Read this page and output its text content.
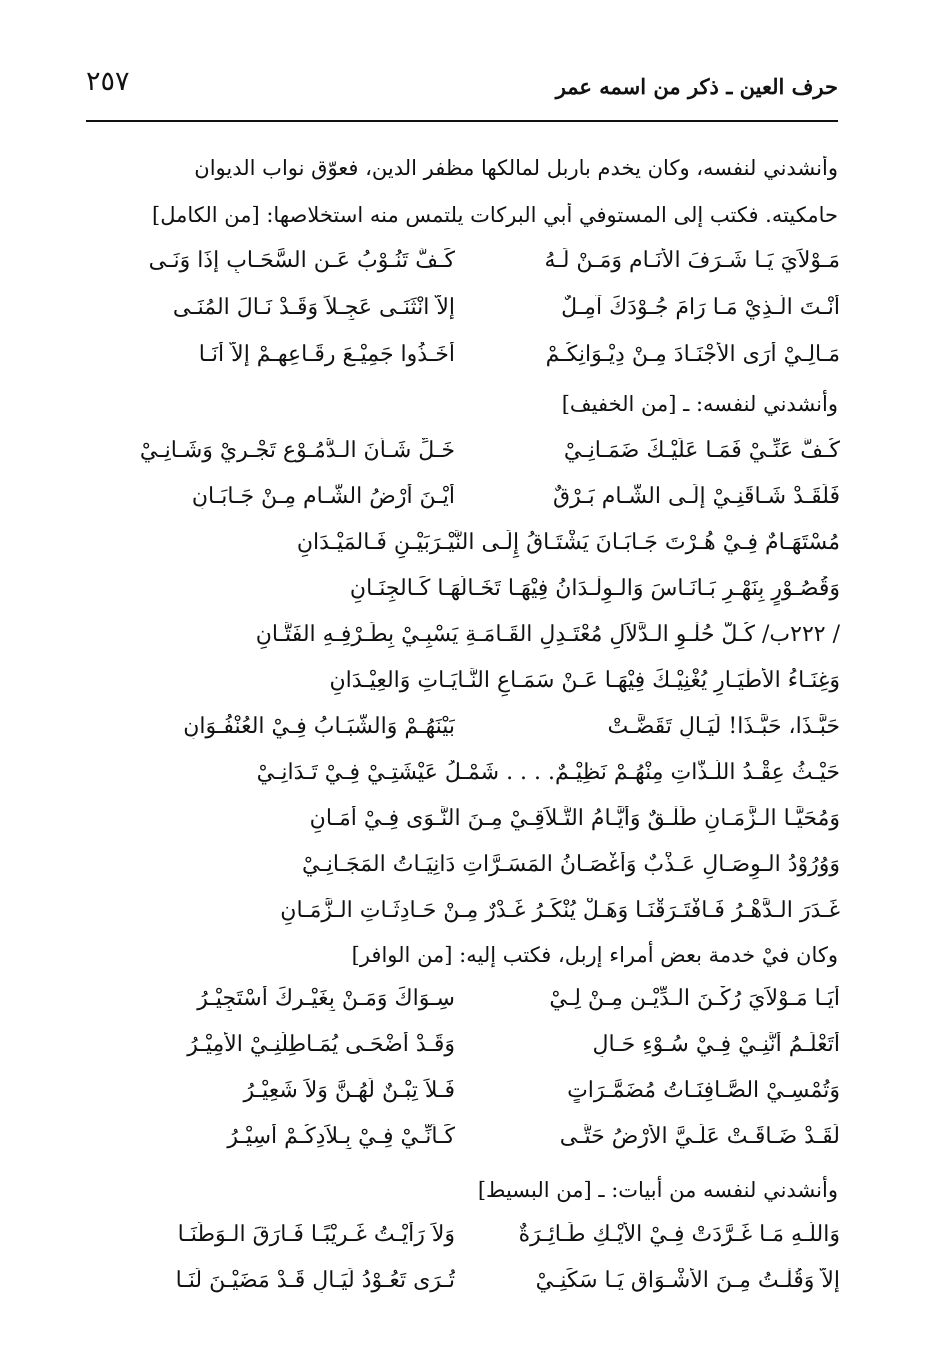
٢٥٧	حرف العين ـ ذكر من اسمه عمر
وأنشدني لنفسه، وكان يخدم باربل لمالكها مظفر الدين، فعوّق نواب الديوان
حامكيته. فكتب إلى المستوفي أبي البركات يلتمس منه استخلاصها: [من الكامل]
مَـوْلاَيَ يَـا شَـرَفَ الأَنَـامِ وَمَـنْ لَـهُ
كَـفٌّ تَنُـوْبُ عَـنِ السَّحَـابِ إِذَا وَنَـى
أَنْـتَ الَّـذِيْ مَـا رَامَ جُـوْدَكَ آمِـلٌ
إِلاَّ انْثَنَـى عَجِـلاً وَقَـدْ نَـالَ المُنَـى
مَـالِـيْ أَرَى الأَجْنَـادَ مِـنْ دِيْـوَانِكُـمْ
أَخَـذُوا جَمِيْـعَ رِقَـاعِهِـمْ إِلاَّ أَنَـا
وأنشدني لنفسه: ـ [من الخفيف]
كُـفَّ عَنِّـيْ فَمَـا عَلَيْـكَ ضَمَـانِـيْ
خَـلِّ شَـأْنَ الـدُّمُـوْعِ تَجْـرِيْ وَشَـانِـيْ
فَلَقَـدْ شَـاقَنِـيْ إِلَـى الشَّـامِ بَـرْقٌ
أَيْـنَ أَرْضُ الشَّـامِ مِـنْ جَـابَـانِ
مُسْتَهَـامٌ فِـيْ هُـرْتَ جَـابَـانَ يَشْتَـاقُ إِلَـى النَّيْـرَبَيْـنِ فَـالمَيْـدَانِ
وَقُصُـوْرٍ بِنَهْـرِ بَـانَـاسَ وَالـوِلْـدَانُ فِيْهَـا تَخَـالُهَـا كَـالجِنَـانِ
/ ٢٢٢ب/ كُـلُّ حُلْـوِ الـدَّلاَلِ مُعْتَـدِلِ القَـامَـةِ يَسْبِـيْ بِطَـرْفِـهِ الفَتَّـانِ
وَغِنَـاءُ الأَطْيَـارِ يُغْنِيْـكَ فِيْهَـا عَـنْ سَمَـاعِ النَّـايَـاتِ وَالعِيْـدَانِ
حَبَّـذَا، حَبَّـذَا! لَيَـالٍ تَقَضَّـتْ
بَيْنَهُـمْ وَالشَّبَـابُ فِـيْ العُنْفُـوَانِ
حَيْـثُ عِقْـدُ اللَّـذَّاتِ مِنْهُـمْ نَظِيْـمٌ. . . . شَمْـلُ عَيْشَتِـيْ فِـيْ تَـدَانِـيْ
وَمُحَيَّـا الـزَّمَـانِ طَلْـقٌ وَأَيَّـامُ التَّـلاَقِـيْ مِـنَ النَّـوَى فِـيْ أَمَـانِ
وَوُرُوْدُ الـوِصَـالِ عَـذْبٌ وَأَغْصَـانُ المَسَـرَّاتِ دَانِيَـاتُ المَجَـانِـيْ
غَـدَرَ الـدَّهْـرُ فَـافْتَـرَقْنَـا وَهَـلْ يُنْكَـرُ غَـدْرٌ مِـنْ حَـادِثَـاتِ الـزَّمَـانِ
وكان فيْ خدمة بعض أمراء إربل، فكتب إليه: [من الوافر]
أَيَـا مَـوْلاَيَ رُكْـنَ الـدِّيْـنِ مِـنْ لِـيْ
سِـوَاكَ وَمَـنْ بِغَيْـرِكَ أَسْتَجِيْـرُ
أَتَعْلَـمُ أَنَّنِـيْ فِـيْ سُـوْءِ حَـالٍ
وَقَـدْ أَضْحَـى يُمَـاطِلُنِـيْ الأَمِيْـرُ
وَتُمْسِـيْ الصَّـافِنَـاتُ مُضَمَّـرَاتٍ
فَـلاَ تِبْـنٌ لَهُـنَّ وَلاَ شَعِيْـرُ
لَقَـدْ ضَـاقَـتْ عَلَـيَّ الأَرْضُ حَتَّـى
كَـأَنِّـيْ فِـيْ بِـلاَدِكُـمْ أَسِيْـرُ
وأنشدني لنفسه من أبيات: ـ [من البسيط]
وَاللَّـهِ مَـا غَـرَّدَتْ فِـيْ الأَيْـكِ طَـائِـرَةٌ
وَلاَ رَأَيْـتُ غَـرِيْبًـا فَـارَقَ الـوَطَنَـا
إِلاَّ وَقُلْـتُ مِـنَ الأَشْـوَاقِ يَـا سَكَنِـيْ
تُـرَى تَعُـوْدُ لَيَـالٍ قَـدْ مَضَيْـنَ لَنَـا
